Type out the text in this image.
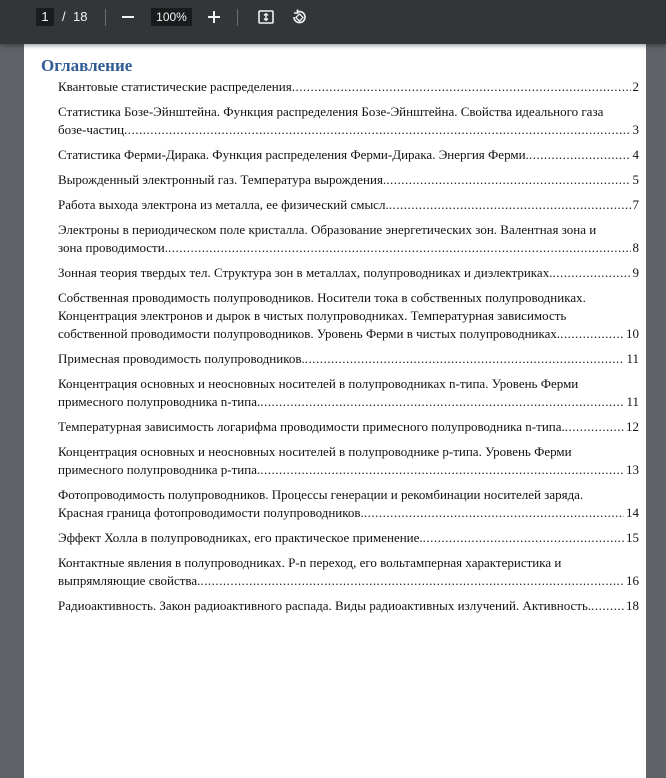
1	/ 18	100%
Оглавление
Квантовые статистические распределения .....	2
Статистика Бозе-Эйнштейна. Функция распределения Бозе-Эйнштейна. Свойства идеального газа бозе-частиц .....	3
Статистика Ферми-Дирака. Функция распределения Ферми-Дирака. Энергия Ферми. .....	4
Вырожденный электронный газ. Температура вырождения. .....	5
Работа выхода электрона из металла, ее физический смысл. .....	7
Электроны в периодическом поле кристалла. Образование энергетических зон. Валентная зона и зона проводимости. .....	8
Зонная теория твердых тел. Структура зон в металлах, полупроводниках и диэлектриках. .....	9
Собственная проводимость полупроводников. Носители тока в собственных полупроводниках. Концентрация электронов и дырок в чистых полупроводниках. Температурная зависимость собственной проводимости полупроводников. Уровень Ферми в чистых полупроводниках. .....	10
Примесная проводимость полупроводников. .....	11
Концентрация основных и неосновных носителей в полупроводниках n-типа. Уровень Ферми примесного полупроводника n-типа. .....	11
Температурная зависимость логарифма проводимости примесного полупроводника n-типа. .....	12
Концентрация основных и неосновных носителей в полупроводнике p-типа. Уровень Ферми примесного полупроводника p-типа. .....	13
Фотопроводимость полупроводников. Процессы генерации и рекомбинации носителей заряда. Красная граница фотопроводимости полупроводников. .....	14
Эффект Холла в полупроводниках, его практическое применение. .....	15
Контактные явления в полупроводниках. P-n переход, его вольтамперная характеристика и выпрямляющие свойства. .....	16
Радиоактивность. Закон радиоактивного распада. Виды радиоактивных излучений. Активность. .....	18
